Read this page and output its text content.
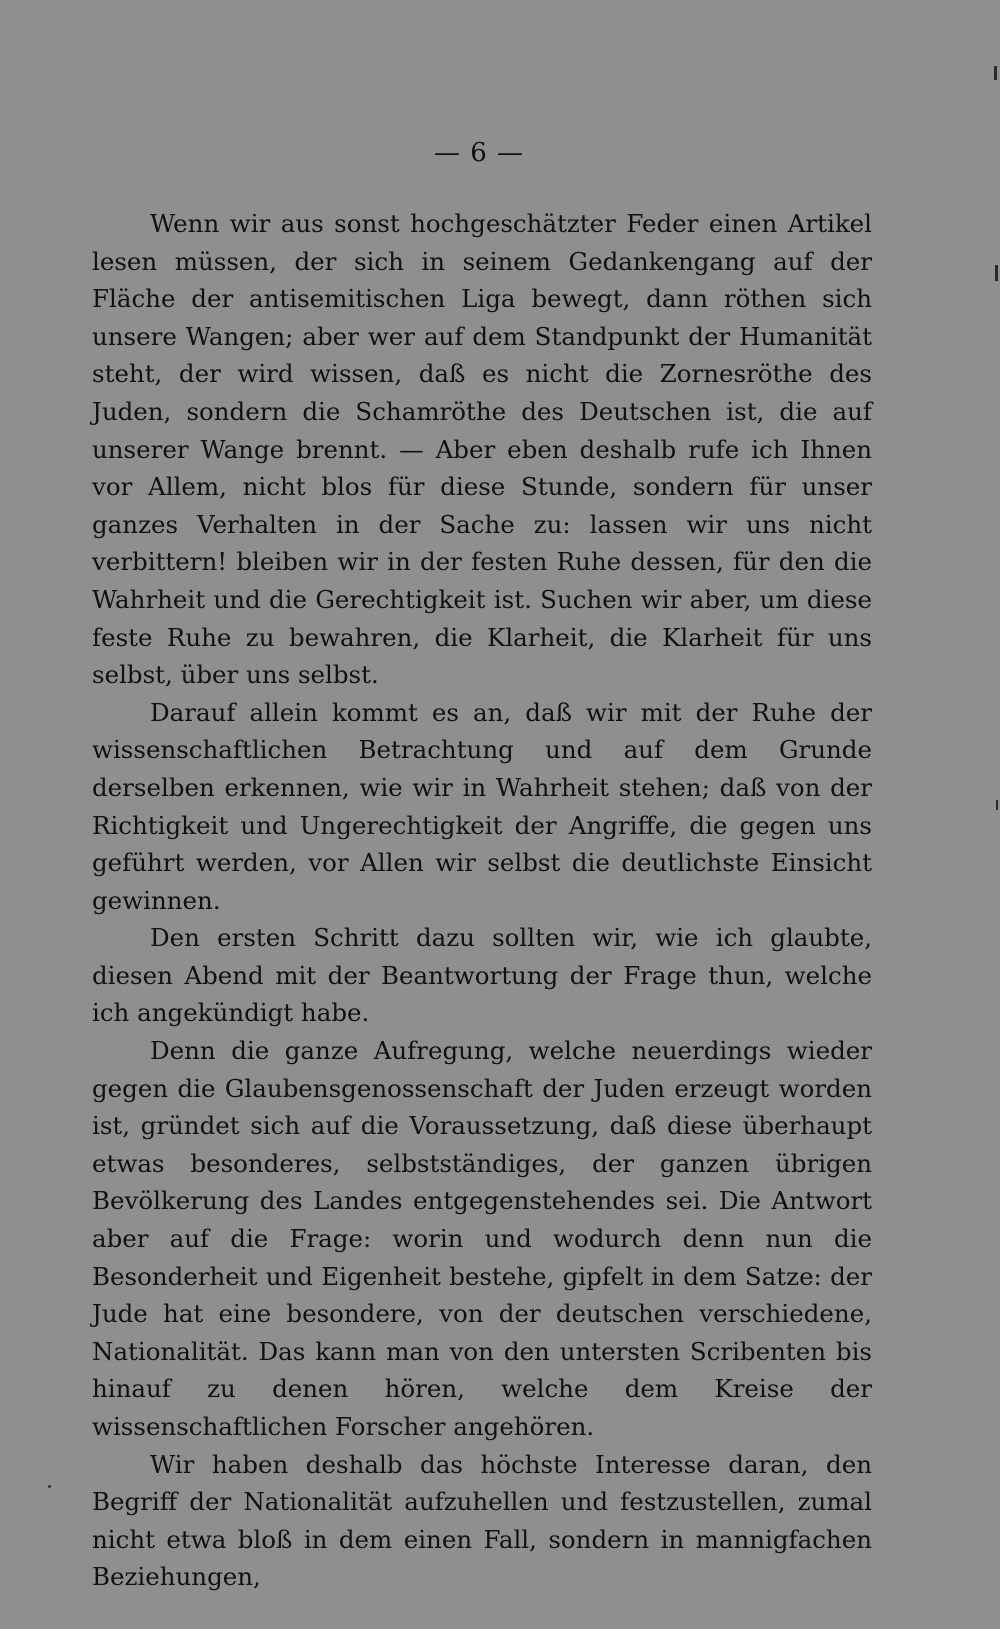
— 6 —

Wenn wir aus sonst hochgeschätzter Feder einen Artikel lesen müssen, der sich in seinem Gedankengang auf der Fläche der antisemitischen Liga bewegt, dann röthen sich unsere Wangen; aber wer auf dem Standpunkt der Humanität steht, der wird wissen, daß es nicht die Zornesröthe des Juden, sondern die Schamröthe des Deutschen ist, die auf unserer Wange brennt. — Aber eben deshalb rufe ich Ihnen vor Allem, nicht blos für diese Stunde, sondern für unser ganzes Verhalten in der Sache zu: lassen wir uns nicht verbittern! bleiben wir in der festen Ruhe dessen, für den die Wahrheit und die Gerechtigkeit ist. Suchen wir aber, um diese feste Ruhe zu bewahren, die Klarheit, die Klarheit für uns selbst, über uns selbst.

Darauf allein kommt es an, daß wir mit der Ruhe der wissenschaftlichen Betrachtung und auf dem Grunde derselben erkennen, wie wir in Wahrheit stehen; daß von der Richtigkeit und Ungerechtigkeit der Angriffe, die gegen uns geführt werden, vor Allen wir selbst die deutlichste Einsicht gewinnen.

Den ersten Schritt dazu sollten wir, wie ich glaubte, diesen Abend mit der Beantwortung der Frage thun, welche ich angekündigt habe.

Denn die ganze Aufregung, welche neuerdings wieder gegen die Glaubensgenossenschaft der Juden erzeugt worden ist, gründet sich auf die Voraussetzung, daß diese überhaupt etwas besonderes, selbstständiges, der ganzen übrigen Bevölkerung des Landes entgegenstehendes sei. Die Antwort aber auf die Frage: worin und wodurch denn nun die Besonderheit und Eigenheit bestehe, gipfelt in dem Satze: der Jude hat eine besondere, von der deutschen verschiedene, Nationalität. Das kann man von den untersten Scribenten bis hinauf zu denen hören, welche dem Kreise der wissenschaftlichen Forscher angehören.

Wir haben deshalb das höchste Interesse daran, den Begriff der Nationalität aufzuhellen und festzustellen, zumal nicht etwa bloß in dem einen Fall, sondern in mannigfachen Beziehungen,
